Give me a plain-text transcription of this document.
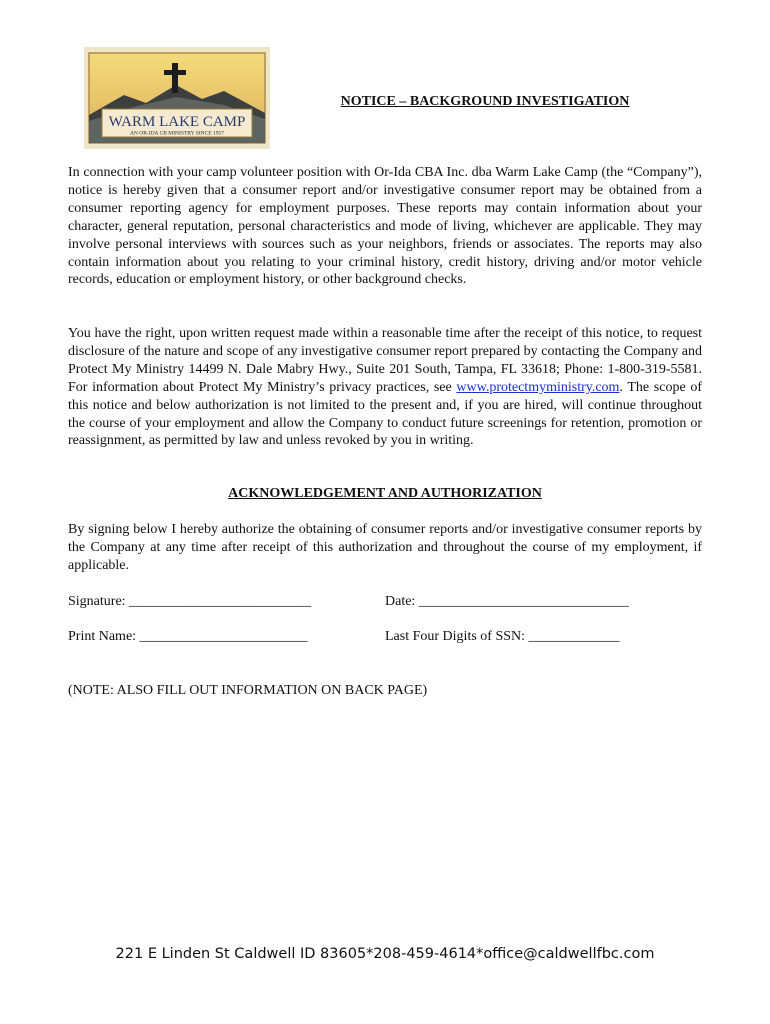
WARM LAKE CAMP
AN OR-IDA CB MINISTRY SINCE 1957
NOTICE – BACKGROUND INVESTIGATION

In connection with your camp volunteer position with Or-Ida CBA Inc. dba Warm Lake Camp (the “Company”), notice is hereby given that a consumer report and/or investigative consumer report may be obtained from a consumer reporting agency for employment purposes. These reports may contain information about your character, general reputation, personal characteristics and mode of living, whichever are applicable. They may involve personal interviews with sources such as your neighbors, friends or associates. The reports may also contain information about you relating to your criminal history, credit history, driving and/or motor vehicle records, education or employment history, or other background checks.

You have the right, upon written request made within a reasonable time after the receipt of this notice, to request disclosure of the nature and scope of any investigative consumer report prepared by contacting the Company and Protect My Ministry 14499 N. Dale Mabry Hwy., Suite 201 South, Tampa, FL 33618; Phone: 1-800-319-5581. For information about Protect My Ministry’s privacy practices, see www.protectmyministry.com. The scope of this notice and below authorization is not limited to the present and, if you are hired, will continue throughout the course of your employment and allow the Company to conduct future screenings for retention, promotion or reassignment, as permitted by law and unless revoked by you in writing.

ACKNOWLEDGEMENT AND AUTHORIZATION

By signing below I hereby authorize the obtaining of consumer reports and/or investigative consumer reports by the Company at any time after receipt of this authorization and throughout the course of my employment, if applicable.

Signature: __________________________	Date: ______________________________
Print Name: ________________________	Last Four Digits of SSN: _____________
(NOTE: ALSO FILL OUT INFORMATION ON BACK PAGE)
221 E Linden St Caldwell ID 83605*208-459-4614*office@caldwellfbc.com
